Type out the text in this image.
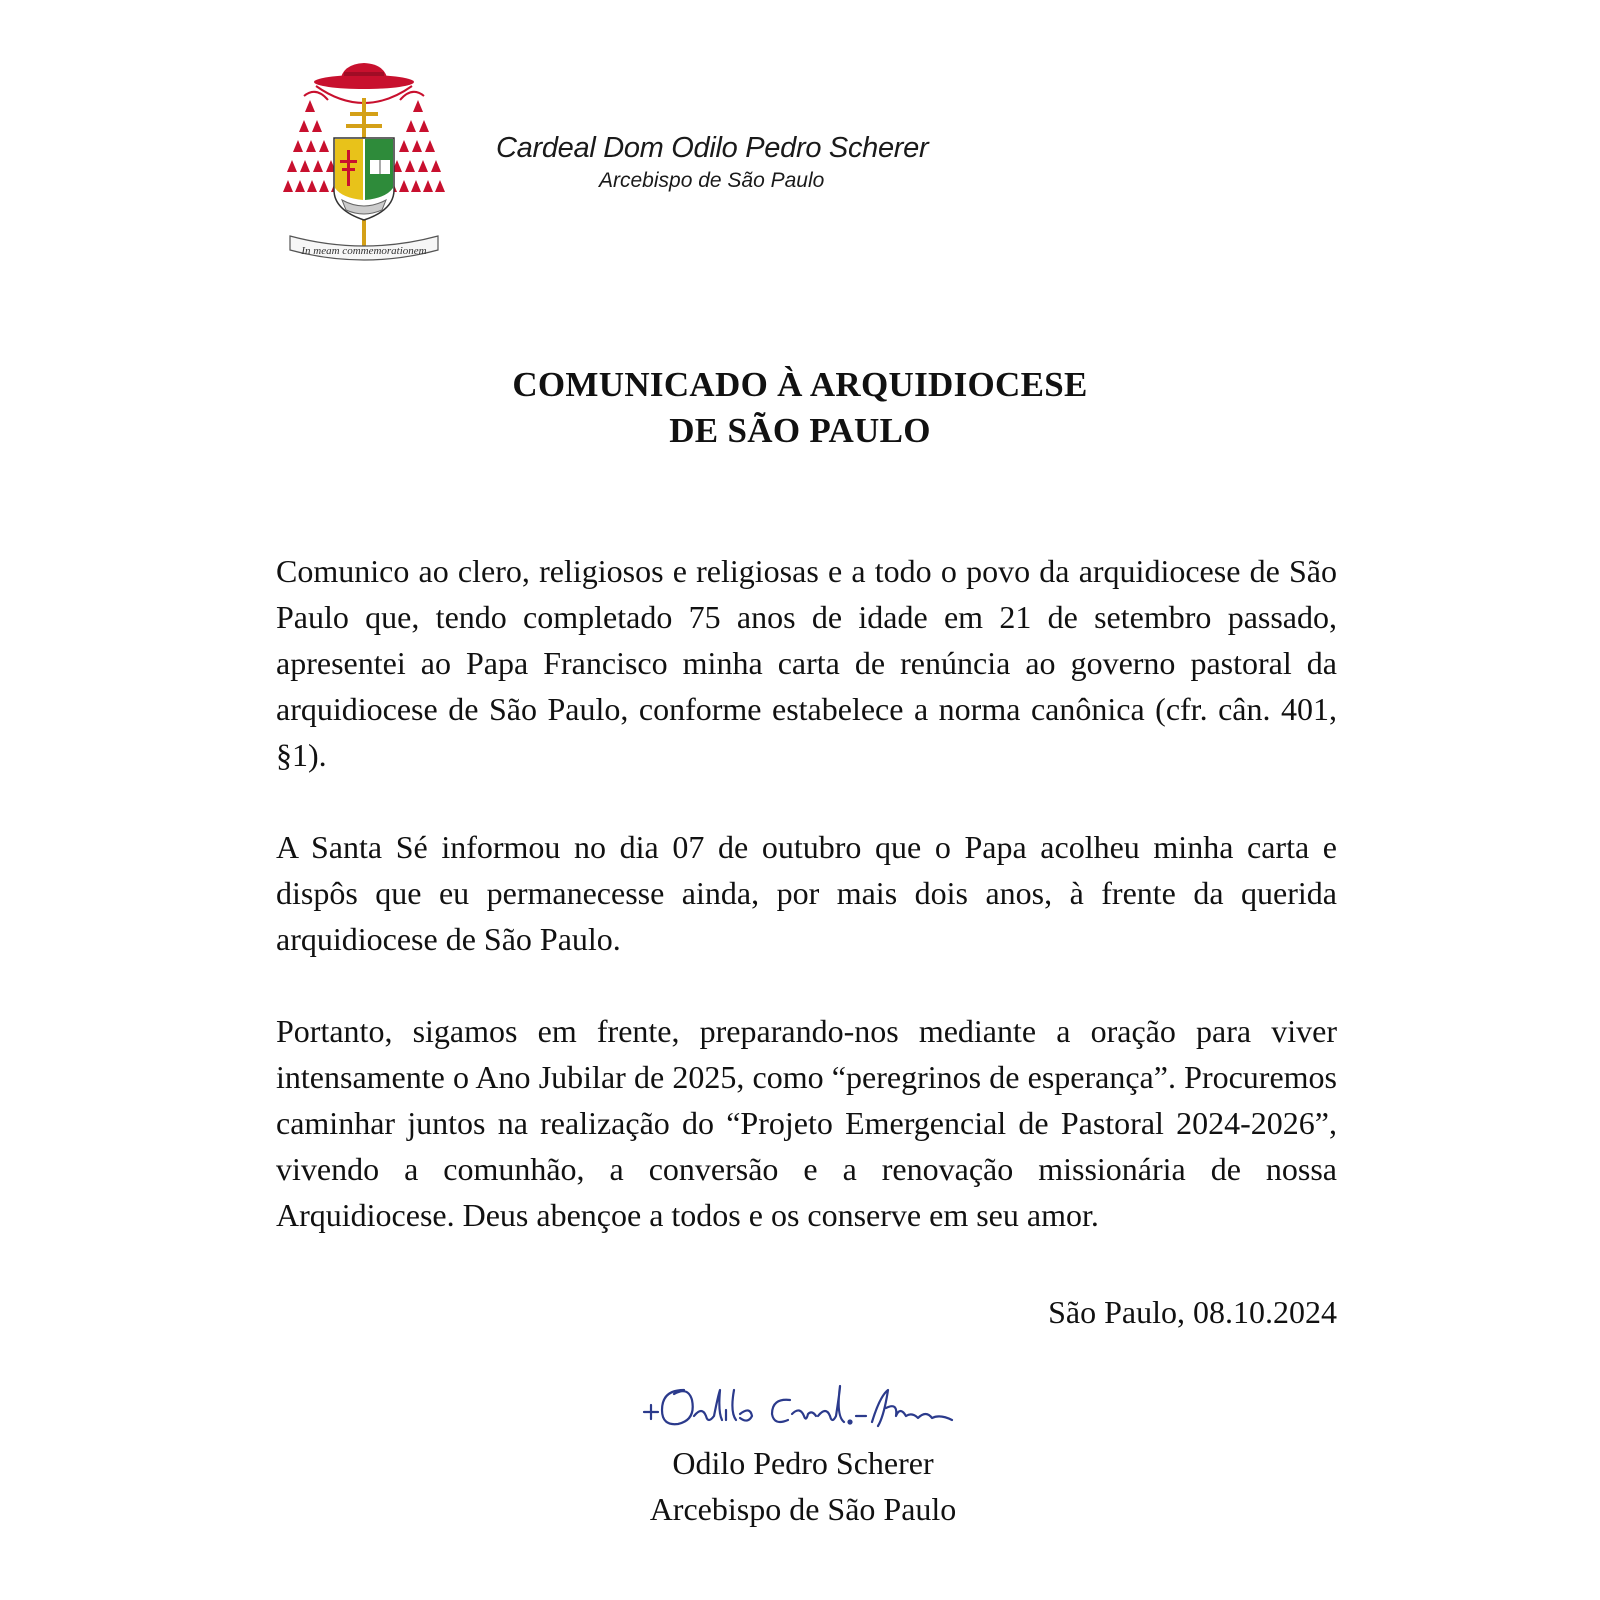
In meam commemorationem
Cardeal Dom Odilo Pedro Scherer
Arcebispo de São Paulo
COMUNICADO À ARQUIDIOCESE
DE SÃO PAULO

Comunico ao clero, religiosos e religiosas e a todo o povo da arquidiocese de São Paulo que, tendo completado 75 anos de idade em 21 de setembro passado, apresentei ao Papa Francisco minha carta de renúncia ao governo pastoral da arquidiocese de São Paulo, conforme estabelece a norma canônica (cfr. cân. 401, §1).

A Santa Sé informou no dia 07 de outubro que o Papa acolheu minha carta e dispôs que eu permanecesse ainda, por mais dois anos, à frente da querida arquidiocese de São Paulo.

Portanto, sigamos em frente, preparando-nos mediante a oração para viver intensamente o Ano Jubilar de 2025, como “peregrinos de esperança”. Procuremos caminhar juntos na realização do “Projeto Emergencial de Pastoral 2024-2026”, vivendo a comunhão, a conversão e a renovação missionária de nossa Arquidiocese. Deus abençoe a todos e os conserve em seu amor.

São Paulo, 08.10.2024
Odilo Pedro Scherer
Arcebispo de São Paulo
